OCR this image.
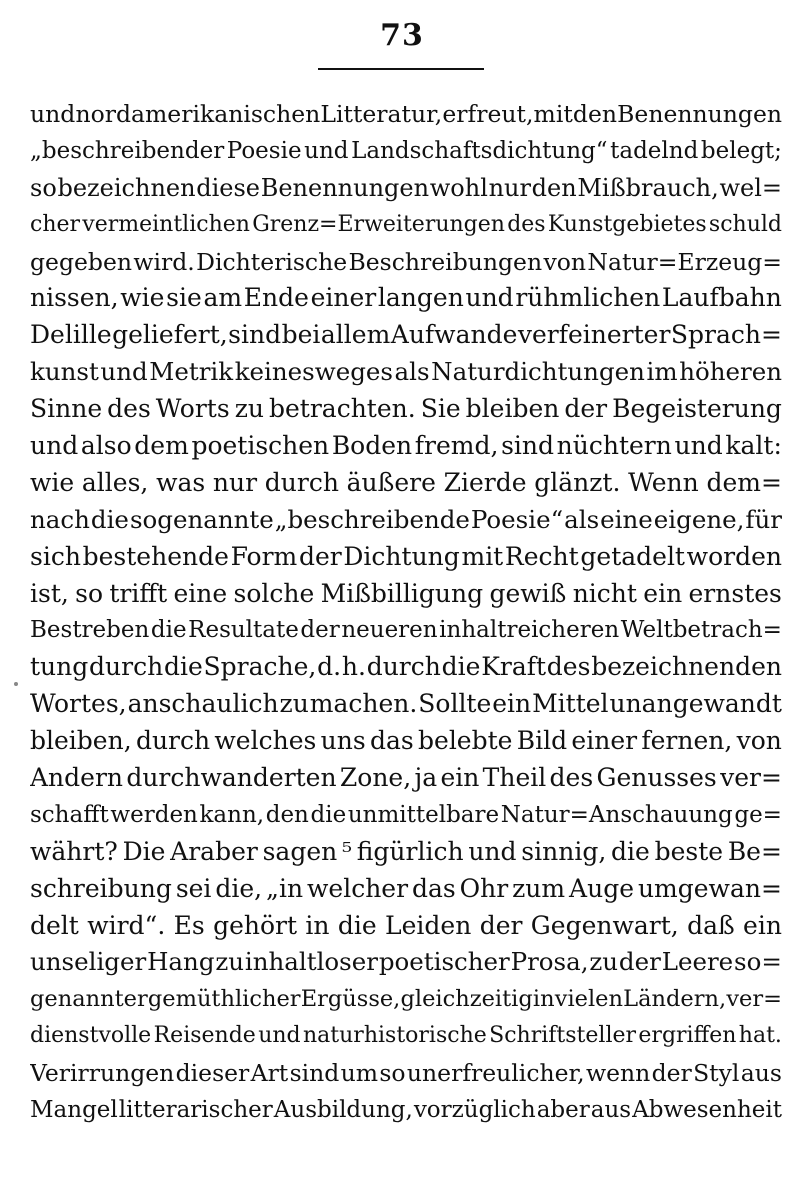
73
und nordamerikanischen Litteratur, erfreut, mit den Benennungen
„beschreibender Poesie und Landschaftsdichtung“ tadelnd belegt;
so bezeichnen diese Benennungen wohl nur den Mißbrauch, wel=
cher vermeintlichen Grenz=Erweiterungen des Kunstgebietes schuld
gegeben wird. Dichterische Beschreibungen von Natur=Erzeug=
nissen, wie sie am Ende einer langen und rühmlichen Laufbahn
Delille geliefert, sind bei allem Aufwande verfeinerter Sprach=
kunst und Metrik keinesweges als Naturdichtungen im höheren
Sinne des Worts zu betrachten. Sie bleiben der Begeisterung
und also dem poetischen Boden fremd, sind nüchtern und kalt:
wie alles, was nur durch äußere Zierde glänzt. Wenn dem=
nach die sogenannte „beschreibende Poesie“ als eine eigene, für
sich bestehende Form der Dichtung mit Recht getadelt worden
ist, so trifft eine solche Mißbilligung gewiß nicht ein ernstes
Bestreben die Resultate der neueren inhaltreicheren Weltbetrach=
tung durch die Sprache, d. h. durch die Kraft des bezeichnenden
Wortes, anschaulich zu machen. Sollte ein Mittel unangewandt
bleiben, durch welches uns das belebte Bild einer fernen, von
Andern durchwanderten Zone, ja ein Theil des Genusses ver=
schafft werden kann, den die unmittelbare Natur=Anschauung ge=
währt? Die Araber sagen ⁵ figürlich und sinnig, die beste Be=
schreibung sei die, „in welcher das Ohr zum Auge umgewan=
delt wird“. Es gehört in die Leiden der Gegenwart, daß ein
unseliger Hang zu inhaltloser poetischer Prosa, zu der Leere so=
genannter gemüthlicher Ergüsse, gleichzeitig in vielen Ländern, ver=
dienstvolle Reisende und naturhistorische Schriftsteller ergriffen hat.
Verirrungen dieser Art sind um so unerfreulicher, wenn der Styl aus
Mangel litterarischer Ausbildung, vorzüglich aber aus Abwesenheit
